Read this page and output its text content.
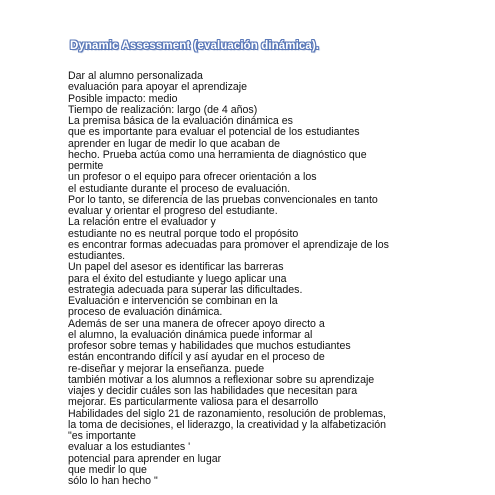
Dynamic Assessment (evaluación dinámica).
Dar al alumno personalizada
evaluación para apoyar el aprendizaje
Posible impacto: medio
Tiempo de realización: largo (de 4 años)
La premisa básica de la evaluación dinámica es
que es importante para evaluar el potencial de los estudiantes
aprender en lugar de medir lo que acaban de
hecho. Prueba actúa como una herramienta de diagnóstico que
permite
un profesor o el equipo para ofrecer orientación a los
el estudiante durante el proceso de evaluación.
Por lo tanto, se diferencia de las pruebas convencionales en tanto
evaluar y orientar el progreso del estudiante.
La relación entre el evaluador y
estudiante no es neutral porque todo el propósito
es encontrar formas adecuadas para promover el aprendizaje de los
estudiantes.
Un papel del asesor es identificar las barreras
para el éxito del estudiante y luego aplicar una
estrategia adecuada para superar las dificultades.
Evaluación e intervención se combinan en la
proceso de evaluación dinámica.
Además de ser una manera de ofrecer apoyo directo a
el alumno, la evaluación dinámica puede informar al
profesor sobre temas y habilidades que muchos estudiantes
están encontrando difícil y así ayudar en el proceso de
re-diseñar y mejorar la enseñanza. puede
también motivar a los alumnos a reflexionar sobre su aprendizaje
viajes y decidir cuáles son las habilidades que necesitan para
mejorar. Es particularmente valiosa para el desarrollo
Habilidades del siglo 21 de razonamiento, resolución de problemas,
la toma de decisiones, el liderazgo, la creatividad y la alfabetización
"es importante
evaluar a los estudiantes '
potencial para aprender en lugar
que medir lo que
sólo lo han hecho "
